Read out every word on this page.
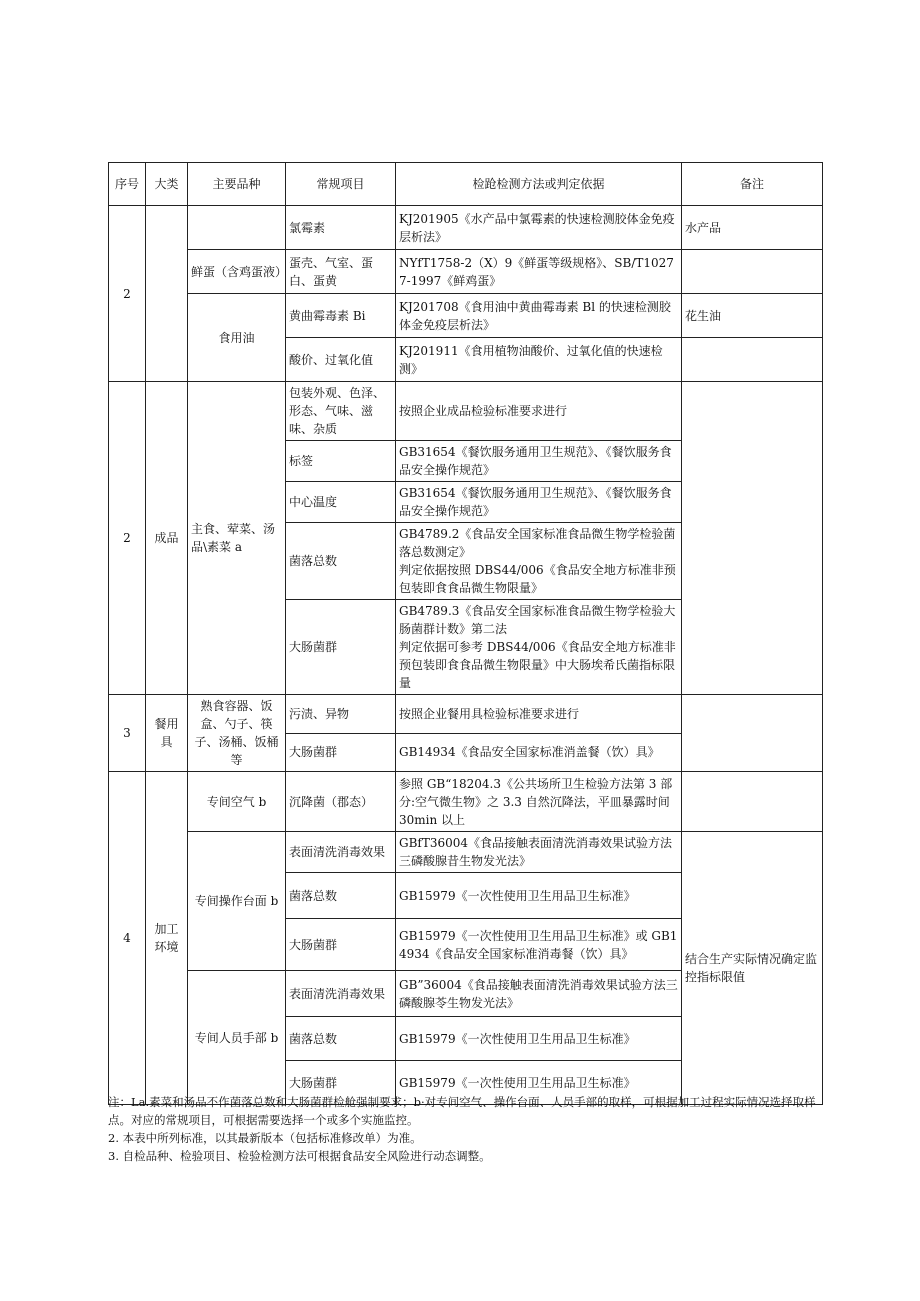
序号	大类	主要品种	常规项目	检跄检测方法或判定依据	备注
2			氯霉素	KJ201905《水产品中氯霉素的快速检测胶体金免疫层析法》	水产品
		鲜蛋（含鸡蛋液）	蛋壳、气室、蛋白、蛋黄	NYfT1758-2（X）9《鲜蛋等级规格》、SB/T10277-1997《鲜鸡蛋》	
		食用油	黄曲霉毒素 Bi	KJ201708《食用油中黄曲霉毒素 Bl 的快速检测胶体金免疫层析法》	花生油
			酸价、过氧化值	KJ201911《食用植物油酸价、过氧化值的快速检测》	
2	成品	主食、荤菜、汤品\素菜 a	包装外观、色泽、形态、气味、滋味、杂质	按照企业成品检验标准要求进行	
			标签	GB31654《餐饮服务通用卫生规范》、《餐饮服务食品安全操作规范》	
			中心温度	GB31654《餐饮服务通用卫生规范》、《餐饮服务食品安全操作规范》	
			菌落总数	GB4789.2《食品安全国家标准食品微生物学检验菌落总数测定》
判定依据按照 DBS44/006《食品安全地方标准非预包装即食食品微生物限量》	
			大肠菌群	GB4789.3《食品安全国家标准食品微生物学检验大肠菌群计数》第二法
判定依据可参考 DBS44/006《食品安全地方标准非预包装即食食品微生物限量》中大肠埃希氏菌指标限量	
3	餐用具	熟食容器、饭盒、勺子、筷子、汤桶、饭桶等	污渍、异物	按照企业餐用具检验标准要求进行	
			大肠菌群	GB14934《食品安全国家标准消盖餐（饮）具》	
4	加工环境	专间空气 b	沉降菌（郡态）	参照 GB“18204.3《公共场所卫生检验方法第 3 部分:空气微生物》之 3.3 自然沉降法，平皿暴露时间 30min 以上	
		专间操作台面 b	表面清洗消毒效果	GBfT36004《食品接触表面清洗消毒效果试验方法三磷酸腺昔生物发光法》	结合生产实际情况确定监控指标限值
			菌落总数	GB15979《一次性使用卫生用品卫生标准》	
			大肠菌群	GB15979《一次性使用卫生用品卫生标准》或 GB14934《食品安全国家标准消毒餐（饮）具》	
		专间人员手部 b	表面清洗消毒效果	GB”36004《食品接触表面清洗消毒效果试验方法三磷酸腺苓生物发光法》	
			菌落总数	GB15979《一次性使用卫生用品卫生标准》	
			大肠菌群	GB15979《一次性使用卫生用品卫生标准》	
注：La.素菜和汤品不作菌落总数和大肠菌群检舱强制要求；b·对专间空气、操作台面、人员手部的取样，可根据加工过程实际情况选择取样点。对应的常规项目，可根据需要选择一个或多个实施监控。
2. 本表中所列标准，以其最新版本（包括标准修改单）为准。
3. 自检品种、检验项目、检验检测方法可根据食品安全风险进行动态调整。
